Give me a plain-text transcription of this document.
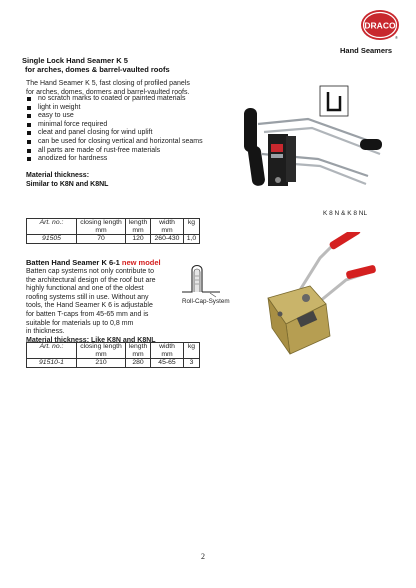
DRACO
®
Hand Seamers
Single Lock Hand Seamer K 5
for arches, domes & barrel-vaulted roofs
The Hand Seamer K 5, fast closing of profiled panels
for arches, domes, dormers and barrel-vaulted roofs.
no scratch marks to coated or painted materials
light in weight
easy to use
minimal force required
cleat and panel closing for wind uplift
can be used for closing vertical and horizontal seams
all parts are made of rust-free materials
anodized for hardness
Material thickness:
Similar to K8N and K8NL
K 8 N & K 8 NL
Art. no.:	closing length mm	length mm	width mm	kg
91505	70	120	260-430	1,0
Batten Hand Seamer K 6-1 new model
Batten cap systems not only contribute to
the architectural design of the roof but are
highly functional and one of the oldest
roofing systems still in use. Without any
tools, the Hand Seamer K 6 is adjustable
for batten T-caps from 45-65 mm and is
suitable for materials up to 0,8 mm
in thickness.
Material thickness: Like K8N and K8NL
Roll-Cap-System
Art. no.:	closing length mm	length mm	width mm	kg
91510-1	210	280	45-65	3
2
